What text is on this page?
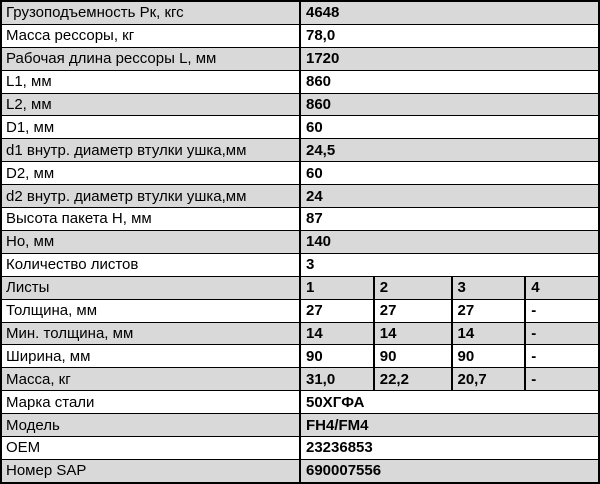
Грузоподъемность Рк, кгс	4648			
Масса рессоры, кг	78,0			
Рабочая длина рессоры L, мм	1720			
L1, мм	860			
L2, мм	860			
D1, мм	60			
d1 внутр. диаметр втулки ушка,мм	24,5			
D2, мм	60			
d2 внутр. диаметр втулки ушка,мм	24			
Высота пакета Н, мм	87			
Но, мм	140			
Количество листов	3			
Листы	1	2	3	4
Толщина, мм	27	27	27	-
Мин. толщина, мм	14	14	14	-
Ширина, мм	90	90	90	-
Масса, кг	31,0	22,2	20,7	-
Марка стали	50ХГФА			
Модель	FH4/FM4			
OEM	23236853			
Номер SAP	690007556			
